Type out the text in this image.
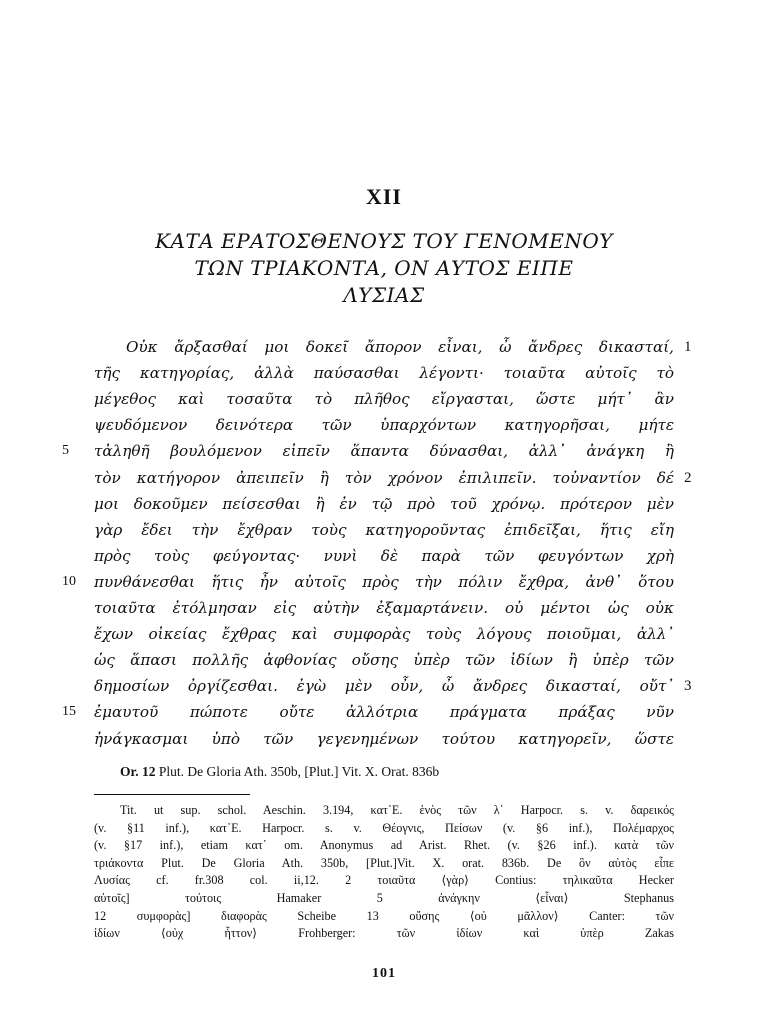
XII
ΚΑΤΑ ΕΡΑΤΟΣΘΕΝΟΥΣ ΤΟΥ ΓΕΝΟΜΕΝΟΥ
ΤΩΝ ΤΡΙΑΚΟΝΤΑ, ΟΝ ΑΥΤΟΣ ΕΙΠΕ
ΛΥΣΙΑΣ
Οὐκ ἄρξασθαί μοι δοκεῖ ἄπορον εἶναι, ὦ ἄνδρες δικασταί, 1
τῆς κατηγορίας, ἀλλὰ παύσασθαι λέγοντι· τοιαῦτα αὐτοῖς τὸ
μέγεθος καὶ τοσαῦτα τὸ πλῆθος εἴργασται, ὥστε μήτ᾽ ἂν
ψευδόμενον δεινότερα τῶν ὑπαρχόντων κατηγορῆσαι, μήτε
τἀληθῆ βουλόμενον εἰπεῖν ἅπαντα δύνασθαι, ἀλλ᾽ ἀνάγκη ἢ
5
τὸν κατήγορον ἀπειπεῖν ἢ τὸν χρόνον ἐπιλιπεῖν. τοὐναντίον δέ 2
μοι δοκοῦμεν πείσεσθαι ἢ ἐν τῷ πρὸ τοῦ χρόνῳ. πρότερον μὲν
γὰρ ἔδει τὴν ἔχθραν τοὺς κατηγοροῦντας ἐπιδεῖξαι, ἥτις εἴη
πρὸς τοὺς φεύγοντας· νυνὶ δὲ παρὰ τῶν φευγόντων χρὴ
πυνθάνεσθαι ἥτις ἦν αὐτοῖς πρὸς τὴν πόλιν ἔχθρα, ἀνθ᾽ ὅτου
10
τοιαῦτα ἐτόλμησαν εἰς αὐτὴν ἐξαμαρτάνειν. οὐ μέντοι ὡς οὐκ
ἔχων οἰκείας ἔχθρας καὶ συμφορὰς τοὺς λόγους ποιοῦμαι, ἀλλ᾽
ὡς ἅπασι πολλῆς ἀφθονίας οὔσης ὑπὲρ τῶν ἰδίων ἢ ὑπὲρ τῶν
δημοσίων ὀργίζεσθαι. ἐγὼ μὲν οὖν, ὦ ἄνδρες δικασταί, οὔτ᾽ 3
ἐμαυτοῦ πώποτε οὔτε ἀλλότρια πράγματα πράξας νῦν
15
ἠνάγκασμαι ὑπὸ τῶν γεγενημένων τούτου κατηγορεῖν, ὥστε
Or. 12 Plut. De Gloria Ath. 350b, [Plut.] Vit. X. Orat. 836b
Tit. ut sup. schol. Aeschin. 3.194, κατ᾽Ε. ἑνὸς τῶν λ᾽ Harpocr. s. v. δαρεικός
(v. §11 inf.), κατ᾽Ε. Harpocr. s. v. Θέογνις, Πείσων (v. §6 inf.), Πολέμαρχος
(v. §17 inf.), etiam κατ᾽ om. Anonymus ad Arist. Rhet. (v. §26 inf.). κατὰ τῶν
τριάκοντα Plut. De Gloria Ath. 350b, [Plut.]Vit. X. orat. 836b. De ὃν αὐτὸς εἶπε
Λυσίας cf. fr.308 col. ii,12. 2 τοιαῦτα ⟨γὰρ⟩ Contius: τηλικαῦτα Hecker
αὐτοῖς] τούτοις Hamaker 5 ἀνάγκην ⟨εἶναι⟩ Stephanus
12 συμφορὰς] διαφορὰς Scheibe 13 οὔσης ⟨οὐ μᾶλλον⟩ Canter: τῶν
ἰδίων ⟨οὐχ ἧττον⟩ Frohberger: τῶν ἰδίων καὶ ὑπὲρ Zakas
101
